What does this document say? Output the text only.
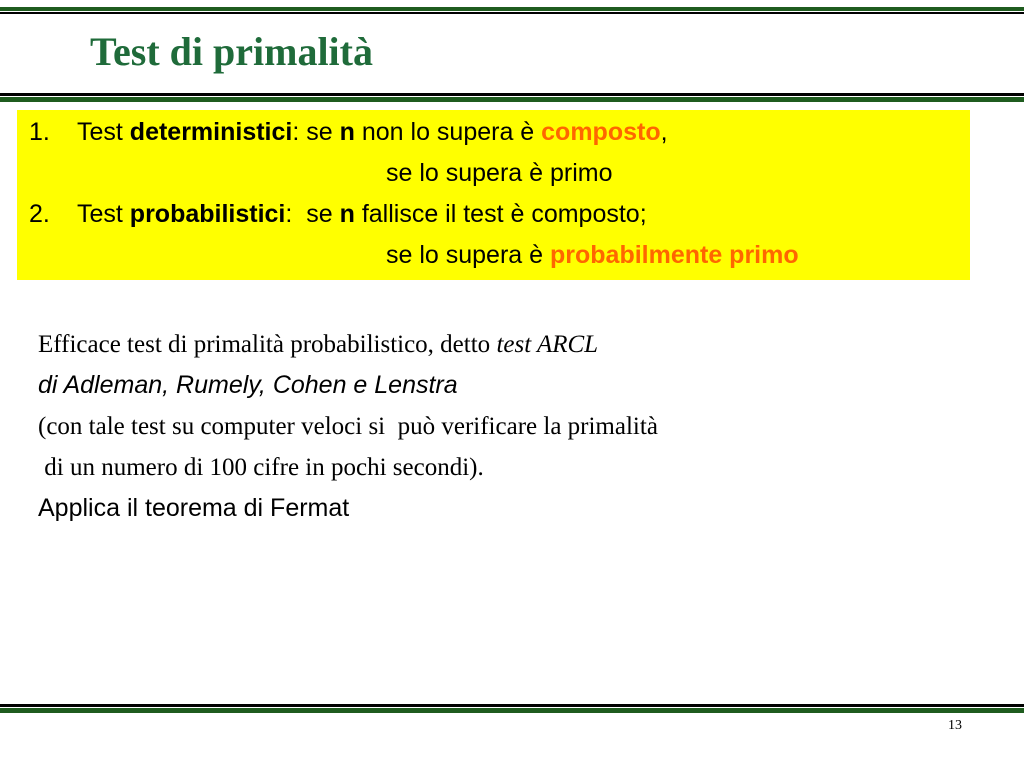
Test di primalità
1. Test deterministici: se n non lo supera è composto,
se lo supera è primo
2. Test probabilistici:  se n fallisce il test è composto;
se lo supera è probabilmente primo
Efficace test di primalità probabilistico, detto test ARCL
di Adleman, Rumely, Cohen e Lenstra
(con tale test su computer veloci si  può verificare la primalità
di un numero di 100 cifre in pochi secondi).
Applica il teorema di Fermat
13
